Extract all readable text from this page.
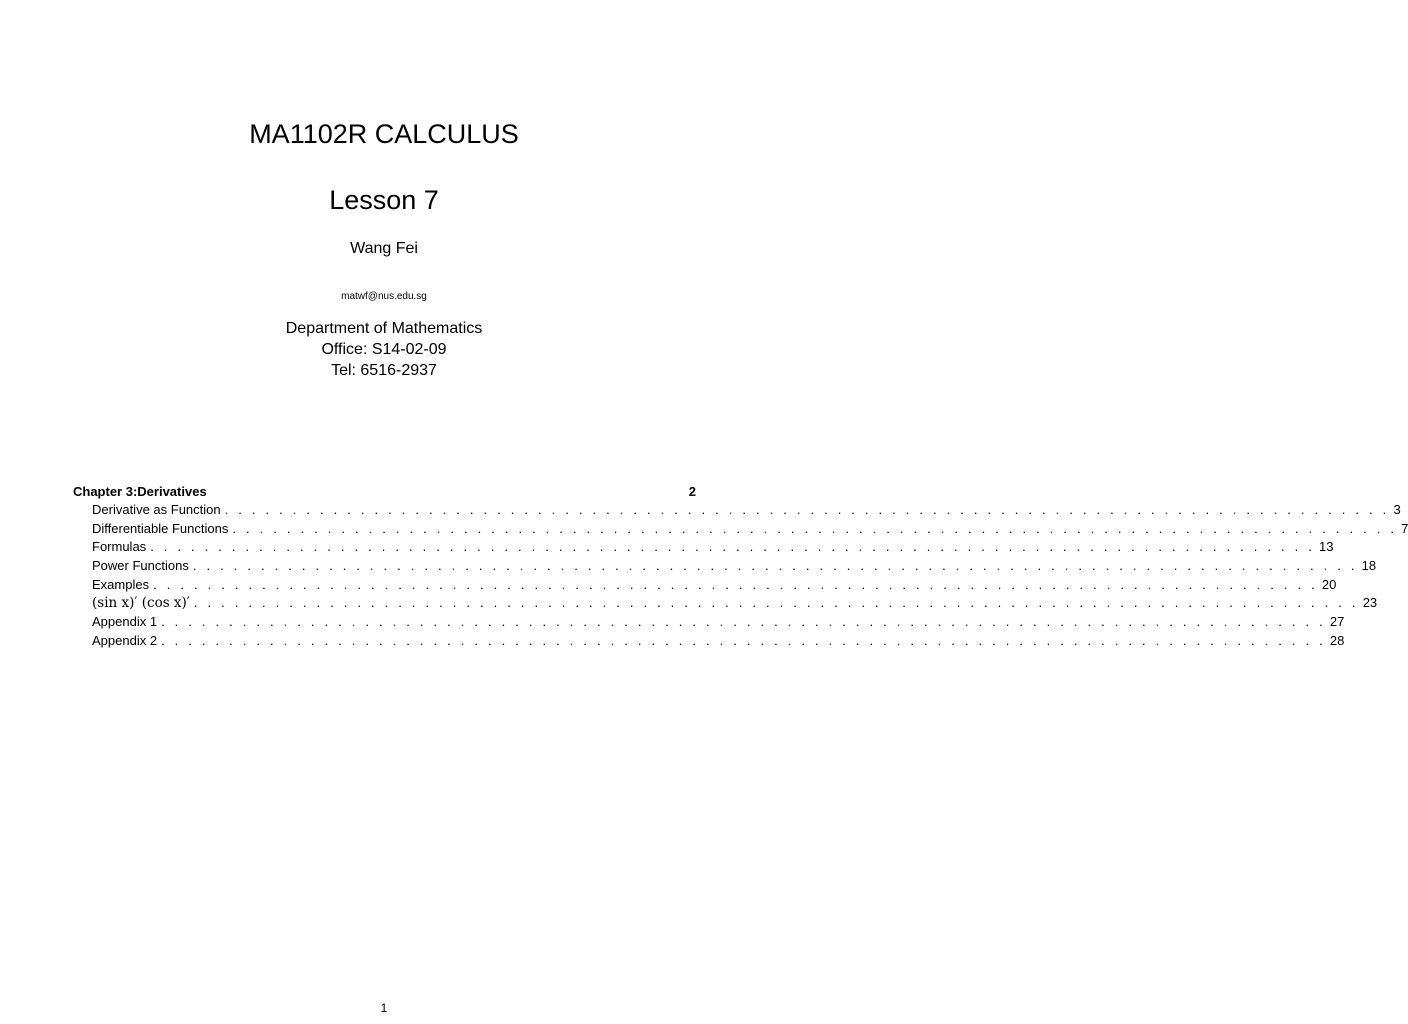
MA1102R CALCULUS
Lesson 7
Wang Fei
matwf@nus.edu.sg
Department of Mathematics
Office: S14-02-09
Tel: 6516-2937
Chapter 3:Derivatives	2
Derivative as Function . . . . . . . . . . . . . . . . . . . . . . . . . . . . . . . . . . . . . . . . . . . . . . . . . . . . . . . . . . . . . . . . . . . . . . . . . . . . . . . . . . . . . . 3
Differentiable Functions . . . . . . . . . . . . . . . . . . . . . . . . . . . . . . . . . . . . . . . . . . . . . . . . . . . . . . . . . . . . . . . . . . . . . . . . . . . . . . . . . . . . . . 7
Formulas . . . . . . . . . . . . . . . . . . . . . . . . . . . . . . . . . . . . . . . . . . . . . . . . . . . . . . . . . . . . . . . . . . . . . . . . . . . . . . . . . . . . . . 13
Power Functions . . . . . . . . . . . . . . . . . . . . . . . . . . . . . . . . . . . . . . . . . . . . . . . . . . . . . . . . . . . . . . . . . . . . . . . . . . . . . . . . . . . . . . 18
Examples . . . . . . . . . . . . . . . . . . . . . . . . . . . . . . . . . . . . . . . . . . . . . . . . . . . . . . . . . . . . . . . . . . . . . . . . . . . . . . . . . . . . . . 20
(sin x)′ (cos x)′ . . . . . . . . . . . . . . . . . . . . . . . . . . . . . . . . . . . . . . . . . . . . . . . . . . . . . . . . . . . . . . . . . . . . . . . . . . . . . . . . . . . . . . 23
Appendix 1 . . . . . . . . . . . . . . . . . . . . . . . . . . . . . . . . . . . . . . . . . . . . . . . . . . . . . . . . . . . . . . . . . . . . . . . . . . . . . . . . . . . . . . 27
Appendix 2 . . . . . . . . . . . . . . . . . . . . . . . . . . . . . . . . . . . . . . . . . . . . . . . . . . . . . . . . . . . . . . . . . . . . . . . . . . . . . . . . . . . . . . 28
1
